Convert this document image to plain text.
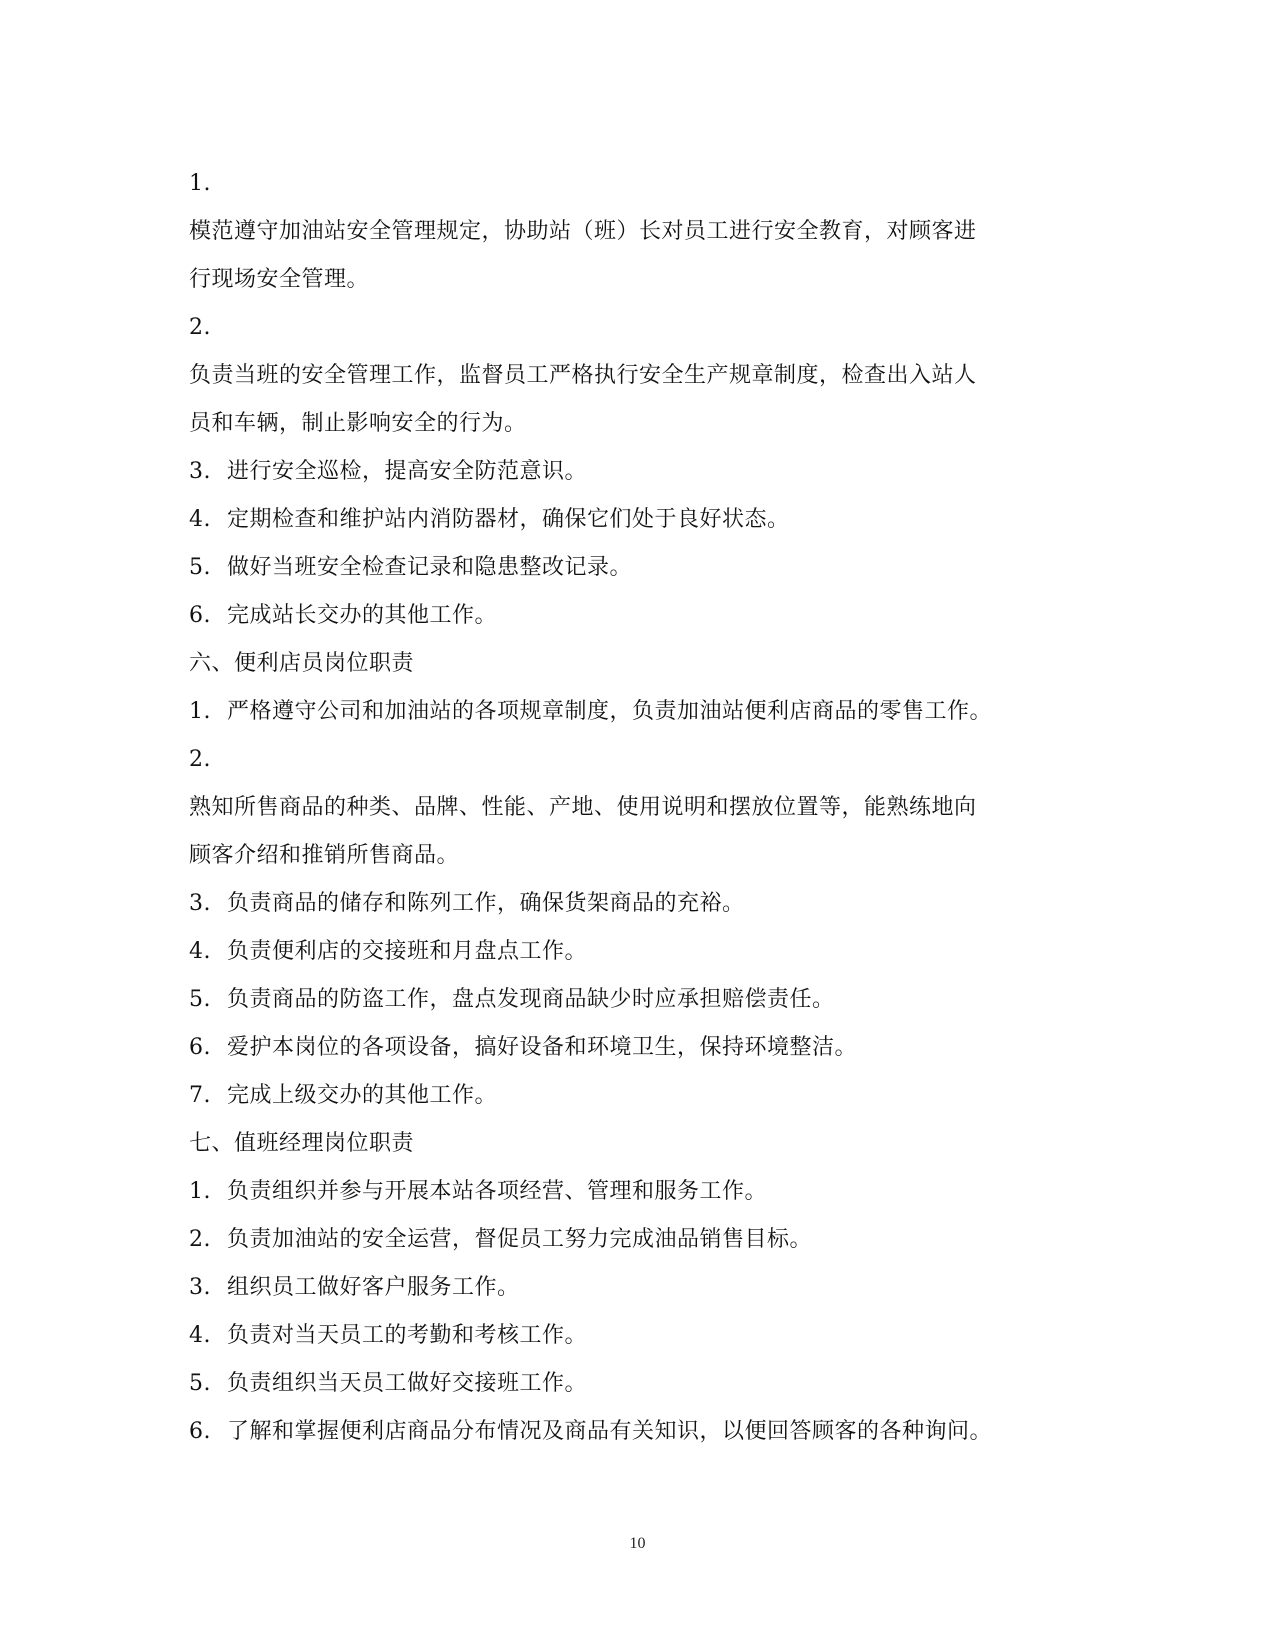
1.
模范遵守加油站安全管理规定，协助站（班）长对员工进行安全教育，对顾客进
行现场安全管理。
2.
负责当班的安全管理工作，监督员工严格执行安全生产规章制度，检查出入站人
员和车辆，制止影响安全的行为。
3. 进行安全巡检，提高安全防范意识。
4. 定期检查和维护站内消防器材，确保它们处于良好状态。
5. 做好当班安全检查记录和隐患整改记录。
6. 完成站长交办的其他工作。
六、便利店员岗位职责
1. 严格遵守公司和加油站的各项规章制度，负责加油站便利店商品的零售工作。
2.
熟知所售商品的种类、品牌、性能、产地、使用说明和摆放位置等，能熟练地向
顾客介绍和推销所售商品。
3. 负责商品的储存和陈列工作，确保货架商品的充裕。
4. 负责便利店的交接班和月盘点工作。
5. 负责商品的防盗工作，盘点发现商品缺少时应承担赔偿责任。
6. 爱护本岗位的各项设备，搞好设备和环境卫生，保持环境整洁。
7. 完成上级交办的其他工作。
七、值班经理岗位职责
1. 负责组织并参与开展本站各项经营、管理和服务工作。
2. 负责加油站的安全运营，督促员工努力完成油品销售目标。
3. 组织员工做好客户服务工作。
4. 负责对当天员工的考勤和考核工作。
5. 负责组织当天员工做好交接班工作。
6. 了解和掌握便利店商品分布情况及商品有关知识，以便回答顾客的各种询问。
10
